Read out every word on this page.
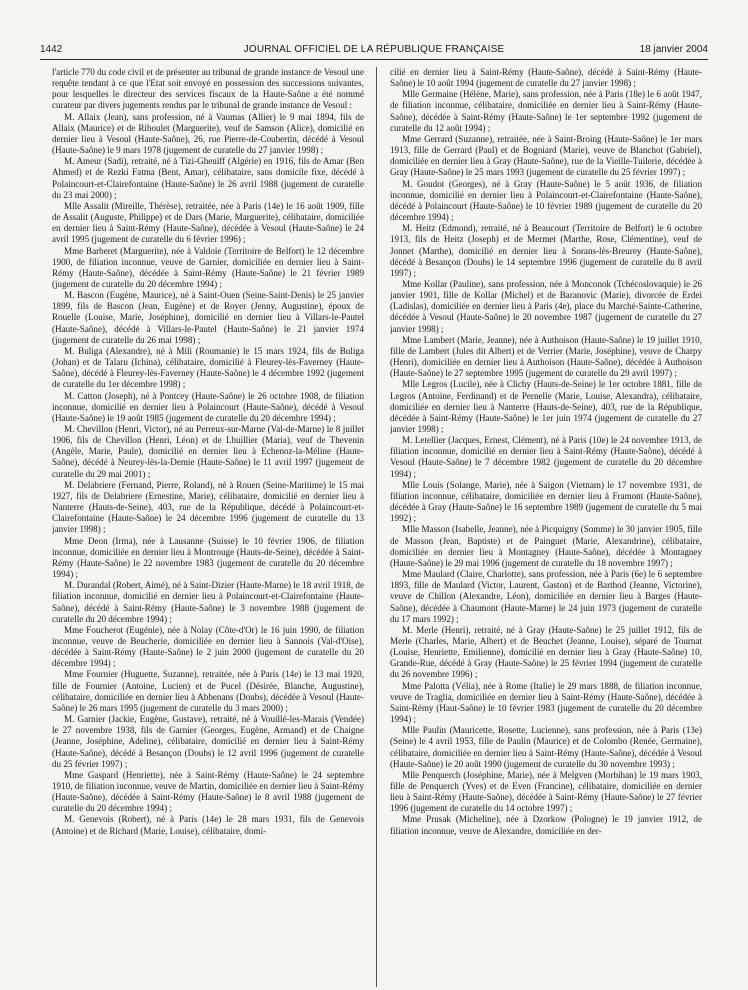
1442	JOURNAL OFFICIEL DE LA RÉPUBLIQUE FRANÇAISE	18 janvier 2004

l'article 770 du code civil et de présenter au tribunal de grande instance de Vesoul une requête tendant à ce que l'Etat soit envoyé en possession des successions suivantes, pour lesquelles le directeur des services fiscaux de la Haute-Saône a été nommé curateur par divers jugements rendus par le tribunal de grande instance de Vesoul :

M. Allaix (Jean), sans profession, né à Vaumas (Allier) le 9 mai 1894, fils de Allaix (Maurice) et de Riboulet (Marguerite), veuf de Samson (Alice), domicilié en dernier lieu à Vesoul (Haute-Saône), 26, rue Pierre-de-Coubertin, décédé à Vesoul (Haute-Saône) le 9 mars 1978 (jugement de curatelle du 27 janvier 1998) ;

M. Ameur (Sadi), retraité, né à Tizi-Gheuiff (Algérie) en 1916, fils de Amar (Ben Ahmed) et de Rezki Fatma (Bent, Amar), célibataire, sans domicile fixe, décédé à Polaincourt-et-Clairefontaine (Haute-Saône) le 26 avril 1988 (jugement de curatelle du 23 mai 2000) ;

Mlle Assalit (Mireille, Thérèse), retraitée, née à Paris (14e) le 16 août 1909, fille de Assalit (Auguste, Philippe) et de Dars (Marie, Marguerite), célibataire, domiciliée en dernier lieu à Saint-Rémy (Haute-Saône), décédée à Vesoul (Haute-Saône) le 24 avril 1995 (jugement de curatelle du 6 février 1996) ;

Mme Barberet (Marguerite), née à Valdoie (Territoire de Belfort) le 12 décembre 1900, de filiation inconnue, veuve de Garnier, domiciliée en dernier lieu à Saint-Rémy (Haute-Saône), décédée à Saint-Rémy (Haute-Saône) le 21 février 1989 (jugement de curatelle du 20 décembre 1994) ;

M. Bascon (Eugène, Maurice), né à Saint-Ouen (Seine-Saint-Denis) le 25 janvier 1899, fils de Bascon (Jean, Eugène) et de Royer (Jenny, Augustine), époux de Rouelle (Louise, Marie, Joséphine), domicilié en dernier lieu à Villars-le-Pautel (Haute-Saône), décédé à Villars-le-Pautel (Haute-Saône) le 21 janvier 1974 (jugement de curatelle du 26 mai 1998) ;

M. Buliga (Alexandre), né à Mili (Roumanie) le 15 mars 1924, fils de Buliga (Johan) et de Talaru (Ichina), célibataire, domicilié à Fleurey-lès-Faverney (Haute-Saône), décédé à Fleurey-lès-Faverney (Haute-Saône) le 4 décembre 1992 (jugement de curatelle du 1er décembre 1998) ;

M. Catton (Joseph), né à Pontcey (Haute-Saône) le 26 octobre 1908, de filiation inconnue, domicilié en dernier lieu à Polaincourt (Haute-Saône), décédé à Vesoul (Haute-Saône) le 19 août 1985 (jugement de curatelle du 20 décembre 1994) ;

M. Chevillon (Henri, Victor), né au Perreux-sur-Marne (Val-de-Marne) le 8 juillet 1906, fils de Chevillon (Henri, Léon) et de Lhuillier (Maria), veuf de Thevenin (Angèle, Marie, Paule), domicilié en dernier lieu à Echenoz-la-Méline (Haute-Saône), décédé à Neurey-lès-la-Demie (Haute-Saône) le 11 avril 1997 (jugement de curatelle du 29 mai 2001) ;

M. Delabriere (Fernand, Pierre, Roland), né à Rouen (Seine-Maritime) le 15 mai 1927, fils de Delabriere (Ernestine, Marie), célibataire, domicilié en dernier lieu à Nanterre (Hauts-de-Seine), 403, rue de la République, décédé à Polaincourt-et-Clairefontaine (Haute-Saône) le 24 décembre 1996 (jugement de curatelle du 13 janvier 1998) ;

Mme Deon (Irma), née à Lausanne (Suisse) le 10 février 1906, de filiation inconnue, domiciliée en dernier lieu à Montrouge (Hauts-de-Seine), décédée à Saint-Rémy (Haute-Saône) le 22 novembre 1983 (jugement de curatelle du 20 décembre 1994) ;

M. Durandal (Robert, Aimé), né à Saint-Dizier (Haute-Marne) le 18 avril 1918, de filiation inconnue, domicilié en dernier lieu à Polaincourt-et-Clairefontaine (Haute-Saône), décédé à Saint-Rémy (Haute-Saône) le 3 novembre 1988 (jugement de curatelle du 20 décembre 1994) ;

Mme Foucherot (Eugénie), née à Nolay (Côte-d'Or) le 16 juin 1990, de filiation inconnue, veuve de Beucherie, domiciliée en dernier lieu à Sannois (Val-d'Oise), décédée à Saint-Rémy (Haute-Saône) le 2 juin 2000 (jugement de curatelle du 20 décembre 1994) ;

Mme Fournier (Huguette, Suzanne), retraitée, née à Paris (14e) le 13 mai 1920, fille de Fournier (Antoine, Lucien) et de Pucel (Désirée, Blanche, Augustine), célibataire, domiciliée en dernier lieu à Abbenans (Doubs), décédée à Vesoul (Haute-Saône) le 26 mars 1995 (jugement de curatelle du 3 mars 2000) ;

M. Garnier (Jackie, Eugène, Gustave), retraité, né à Vouillé-les-Marais (Vendée) le 27 novembre 1938, fils de Garnier (Georges, Eugène, Armand) et de Chaigne (Jeanne, Joséphine, Adeline), célibataire, domicilié en dernier lieu à Saint-Rémy (Haute-Saône), décédé à Besançon (Doubs) le 12 avril 1996 (jugement de curatelle du 25 février 1997) ;

Mme Gaspard (Henriette), née à Saint-Rémy (Haute-Saône) le 24 septembre 1910, de filiation inconnue, veuve de Martin, domiciliée en dernier lieu à Saint-Rémy (Haute-Saône), décédée à Saint-Rémy (Haute-Saône) le 8 avril 1988 (jugement de curatelle du 20 décembre 1994) ;

M. Genevois (Robert), né à Paris (14e) le 28 mars 1931, fils de Genevois (Antoine) et de Richard (Marie, Louise), célibataire, domi-

cilié en dernier lieu à Saint-Rémy (Haute-Saône), décédé à Saint-Rémy (Haute-Saône) le 10 août 1994 (jugement de curatelle du 27 janvier 1998) ;

Mlle Germaine (Hélène, Marie), sans profession, née à Paris (18e) le 6 août 1947, de filiation inconnue, célibataire, domiciliée en dernier lieu à Saint-Rémy (Haute-Saône), décédée à Saint-Rémy (Haute-Saône) le 1er septembre 1992 (jugement de curatelle du 12 août 1994) ;

Mme Gerrard (Suzanne), retraitée, née à Saint-Broing (Haute-Saône) le 1er mars 1913, fille de Gerrard (Paul) et de Bogniard (Marie), veuve de Blanchot (Gabriel), domiciliée en dernier lieu à Gray (Haute-Saône), rue de la Vieille-Tuilerie, décédée à Gray (Haute-Saône) le 25 mars 1993 (jugement de curatelle du 25 février 1997) ;

M. Goudot (Georges), né à Gray (Haute-Saône) le 5 août 1936, de filiation inconnue, domicilié en dernier lieu à Polaincourt-et-Clairefontaine (Haute-Saône), décédé à Polaincourt (Haute-Saône) le 10 février 1989 (jugement de curatelle du 20 décembre 1994) ;

M. Heitz (Edmond), retraité, né à Beaucourt (Territoire de Belfort) le 6 octobre 1913, fils de Heitz (Joseph) et de Mermet (Marthe, Rose, Clémentine), veuf de Jonnet (Marthe), domicilié en dernier lieu à Sorans-lès-Breurey (Haute-Saône), décédé à Besançon (Doubs) le 14 septembre 1996 (jugement de curatelle du 8 avril 1997) ;

Mme Kollar (Pauline), sans profession, née à Monconok (Tchécoslovaquie) le 26 janvier 1901, fille de Kollar (Michel) et de Baranovic (Marie), divorcée de Erdei (Ladislas), domiciliée en dernier lieu à Paris (4e), place du Marché-Sainte-Catherine, décédée à Vesoul (Haute-Saône) le 20 novembre 1987 (jugement de curatelle du 27 janvier 1998) ;

Mme Lambert (Marie, Jeanne), née à Authoison (Haute-Saône) le 19 juillet 1910, fille de Lambert (Jules dit Albert) et de Verrier (Marie, Joséphine), veuve de Charpy (Henri), domiciliée en dernier lieu à Authoison (Haute-Saône), décédée à Authoison (Haute-Saône) le 27 septembre 1995 (jugement de curatelle du 29 avril 1997) ;

Mlle Legros (Lucile), née à Clichy (Hauts-de-Seine) le 1er octobre 1881, fille de Legros (Antoine, Ferdinand) et de Pernelle (Marie, Louise, Alexandra), célibataire, domiciliée en dernier lieu à Nanterre (Hauts-de-Seine), 403, rue de la République, décédée à Saint-Rémy (Haute-Saône) le 1er juin 1974 (jugement de curatelle du 27 janvier 1998) ;

M. Letellier (Jacques, Ernest, Clément), né à Paris (10e) le 24 novembre 1913, de filiation inconnue, domicilié en dernier lieu à Saint-Rémy (Haute-Saône), décédé à Vesoul (Haute-Saône) le 7 décembre 1982 (jugement de curatelle du 20 décembre 1994) ;

Mlle Louis (Solange, Marie), née à Saigon (Vietnam) le 17 novembre 1931, de filiation inconnue, célibataire, domiciliée en dernier lieu à Framont (Haute-Saône), décédée à Gray (Haute-Saône) le 16 septembre 1989 (jugement de curatelle du 5 mai 1992) ;

Mlle Masson (Isabelle, Jeanne), née à Picquigny (Somme) le 30 janvier 1905, fille de Masson (Jean, Baptiste) et de Painguet (Marie, Alexandrine), célibataire, domiciliée en dernier lieu à Montagney (Haute-Saône), décédée à Montagney (Haute-Saône) le 29 mai 1996 (jugement de curatelle du 18 novembre 1997) ;

Mme Maulard (Claire, Charlotte), sans profession, née à Paris (6e) le 6 septembre 1893, fille de Maulard (Victor, Laurent, Gaston) et de Barthod (Jeanne, Victorine), veuve de Chillon (Alexandre, Léon), domiciliée en dernier lieu à Barges (Haute-Saône), décédée à Chaumont (Haute-Marne) le 24 juin 1973 (jugement de curatelle du 17 mars 1992) ;

M. Merle (Henri), retraité, né à Gray (Haute-Saône) le 25 juillet 1912, fils de Merle (Charles, Marie, Albert) et de Beuchet (Jeanne, Louise), séparé de Tournat (Louise, Henriette, Emilienne), domicilié en dernier lieu à Gray (Haute-Saône) 10, Grande-Rue, décédé à Gray (Haute-Saône) le 25 février 1994 (jugement de curatelle du 26 novembre 1996) ;

Mme Palotta (Vélia), née à Rome (Italie) le 29 mars 1888, de filiation inconnue, veuve de Traglia, domiciliée en dernier lieu à Saint-Rémy (Haute-Saône), décédée à Saint-Rémy (Haut-Saône) le 10 février 1983 (jugement de curatelle du 20 décembre 1994) ;

Mlle Paulin (Mauricette, Rosette, Lucienne), sans profession, née à Paris (13e) (Seine) le 4 avril 1953, fille de Paulin (Maurice) et de Colombo (Renée, Germaine), célibataire, domiciliée en dernier lieu à Saint-Rémy (Haute-Saône), décédée à Vesoul (Haute-Saône) le 20 août 1990 (jugement de curatelle du 30 novembre 1993) ;

Mlle Penquerch (Joséphine, Marie), née à Melgven (Morbihan) le 19 mars 1903, fille de Penquerch (Yves) et de Even (Francine), célibataire, domiciliée en dernier lieu à Saint-Rémy (Haute-Saône), décédée à Saint-Rémy (Haute-Saône) le 27 février 1996 (jugement de curatelle du 14 octobre 1997) ;

Mme Prusak (Micheline), née à Dzorkow (Pologne) le 19 janvier 1912, de filiation inconnue, veuve de Alexandre, domiciliée en der-
